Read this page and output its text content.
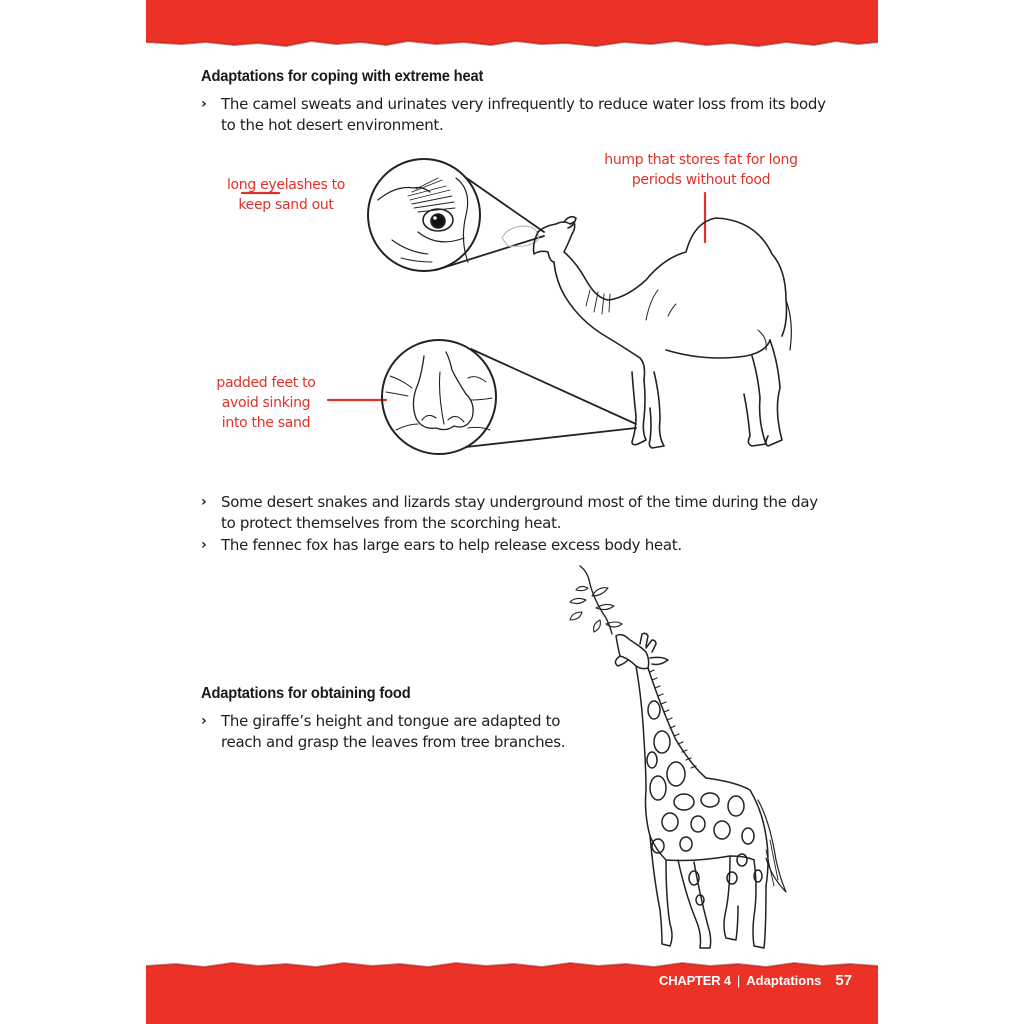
Adaptations for coping with extreme heat
› The camel sweats and urinates very infrequently to reduce water loss from its body
to the hot desert environment.
long eyelashes to
keep sand out
hump that stores fat for long
periods without food
padded feet to
avoid sinking
into the sand
› Some desert snakes and lizards stay underground most of the time during the day
to protect themselves from the scorching heat.
› The fennec fox has large ears to help release excess body heat.
Adaptations for obtaining food
› The giraffe’s height and tongue are adapted to
reach and grasp the leaves from tree branches.
CHAPTER 4 | Adaptations 57
